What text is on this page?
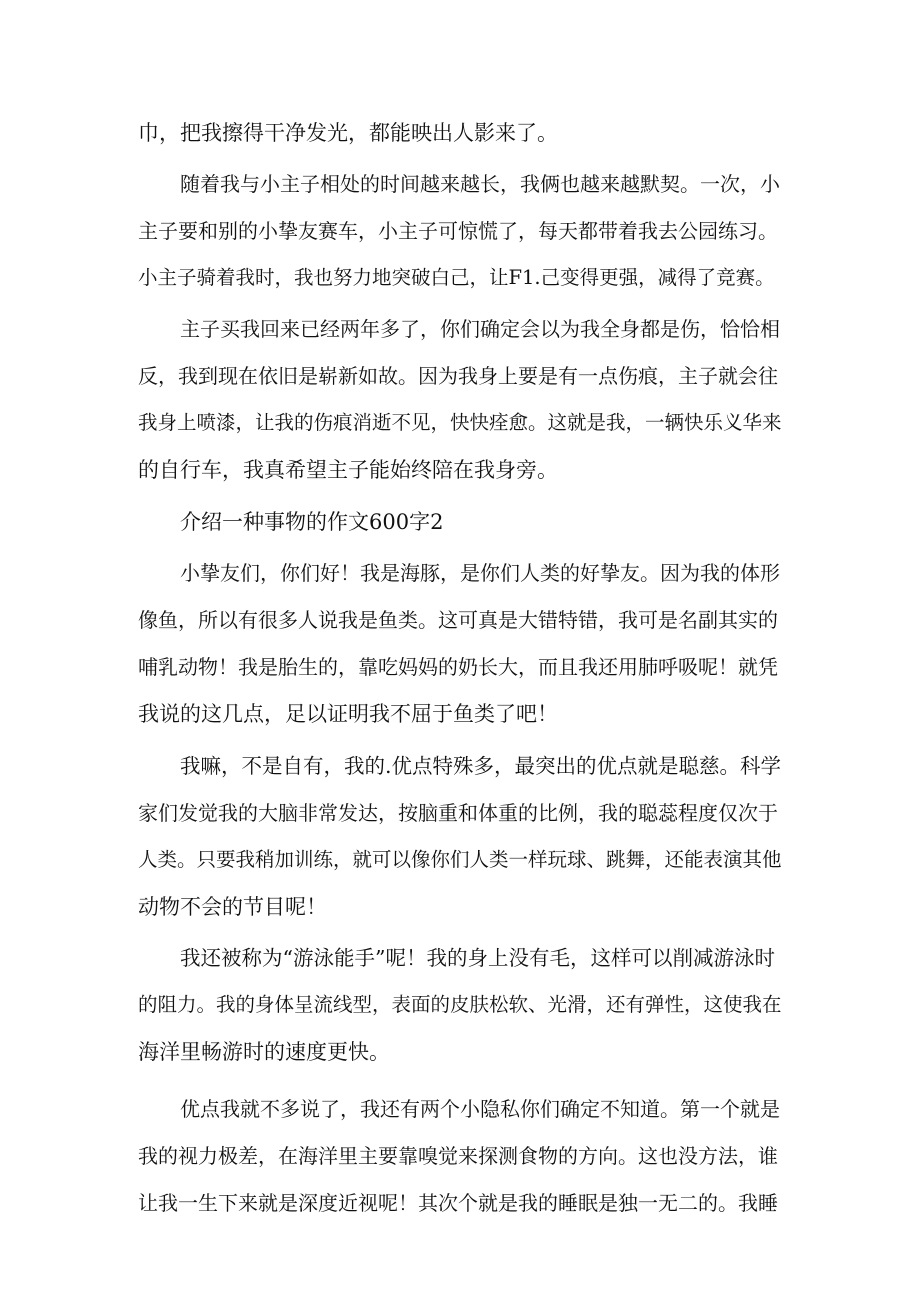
巾，把我擦得干净发光，都能映出人影来了。
随着我与小主子相处的时间越来越长，我俩也越来越默契。一次，小
主子要和别的小挚友赛车，小主子可惊慌了，每天都带着我去公园练习。
小主子骑着我时，我也努力地突破白己，让F1.己变得更强，减得了竞赛。
主子买我回来已经两年多了，你们确定会以为我全身都是伤，恰恰相
反，我到现在依旧是崭新如故。因为我身上要是有一点伤痕，主子就会往
我身上喷漆，让我的伤痕消逝不见，快快痊愈。这就是我，一辆快乐义华来
的自行车，我真希望主子能始终陪在我身旁。
介绍一种事物的作文600字2
小挚友们，你们好！我是海豚，是你们人类的好挚友。因为我的体形
像鱼，所以有很多人说我是鱼类。这可真是大错特错，我可是名副其实的
哺乳动物！我是胎生的，靠吃妈妈的奶长大，而且我还用肺呼吸呢！就凭
我说的这几点，足以证明我不屈于鱼类了吧！
我嘛，不是自有，我的.优点特殊多，最突出的优点就是聪慈。科学
家们发觉我的大脑非常发达，按脑重和体重的比例，我的聪蕊程度仅次于
人类。只要我稍加训练，就可以像你们人类一样玩球、跳舞，还能表演其他
动物不会的节目呢！
我还被称为“游泳能手”呢！我的身上没有毛，这样可以削减游泳时
的阻力。我的身体呈流线型，表面的皮肤松软、光滑，还有弹性，这使我在
海洋里畅游时的速度更快。
优点我就不多说了，我还有两个小隐私你们确定不知道。第一个就是
我的视力极差，在海洋里主要靠嗅觉来探测食物的方向。这也没方法，谁
让我一生下来就是深度近视呢！其次个就是我的睡眠是独一无二的。我睡
